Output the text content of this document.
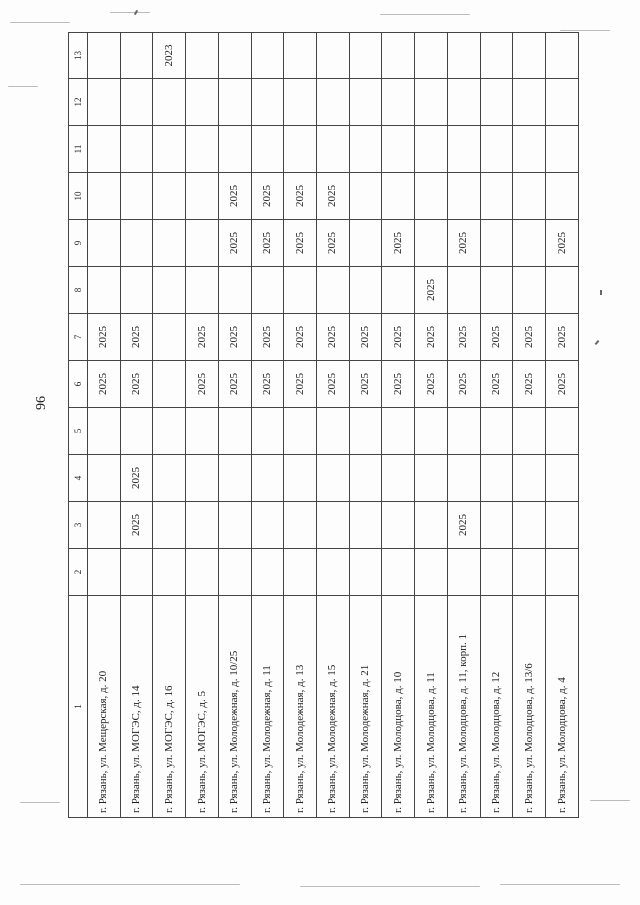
96
1	2	3	4	5	6	7	8	9	10	11	12	13
г. Рязань, ул. Мещерская, д. 20					2025	2025						
г. Рязань, ул. МОГЭС, д. 14		2025	2025		2025	2025						
г. Рязань, ул. МОГЭС, д. 16												2023
г. Рязань, ул. МОГЭС, д. 5					2025	2025						
г. Рязань, ул. Молодежная, д. 10/25					2025	2025		2025	2025			
г. Рязань, ул. Молодежная, д. 11					2025	2025		2025	2025			
г. Рязань, ул. Молодежная, д. 13					2025	2025		2025	2025			
г. Рязань, ул. Молодежная, д. 15					2025	2025		2025	2025			
г. Рязань, ул. Молодежная, д. 21					2025	2025						
г. Рязань, ул. Молодцова, д. 10					2025	2025		2025				
г. Рязань, ул. Молодцова, д. 11					2025	2025	2025					
г. Рязань, ул. Молодцова, д. 11, корп. 1		2025			2025	2025		2025				
г. Рязань, ул. Молодцова, д. 12					2025	2025						
г. Рязань, ул. Молодцова, д. 13/6					2025	2025						
г. Рязань, ул. Молодцова, д. 4					2025	2025		2025				
